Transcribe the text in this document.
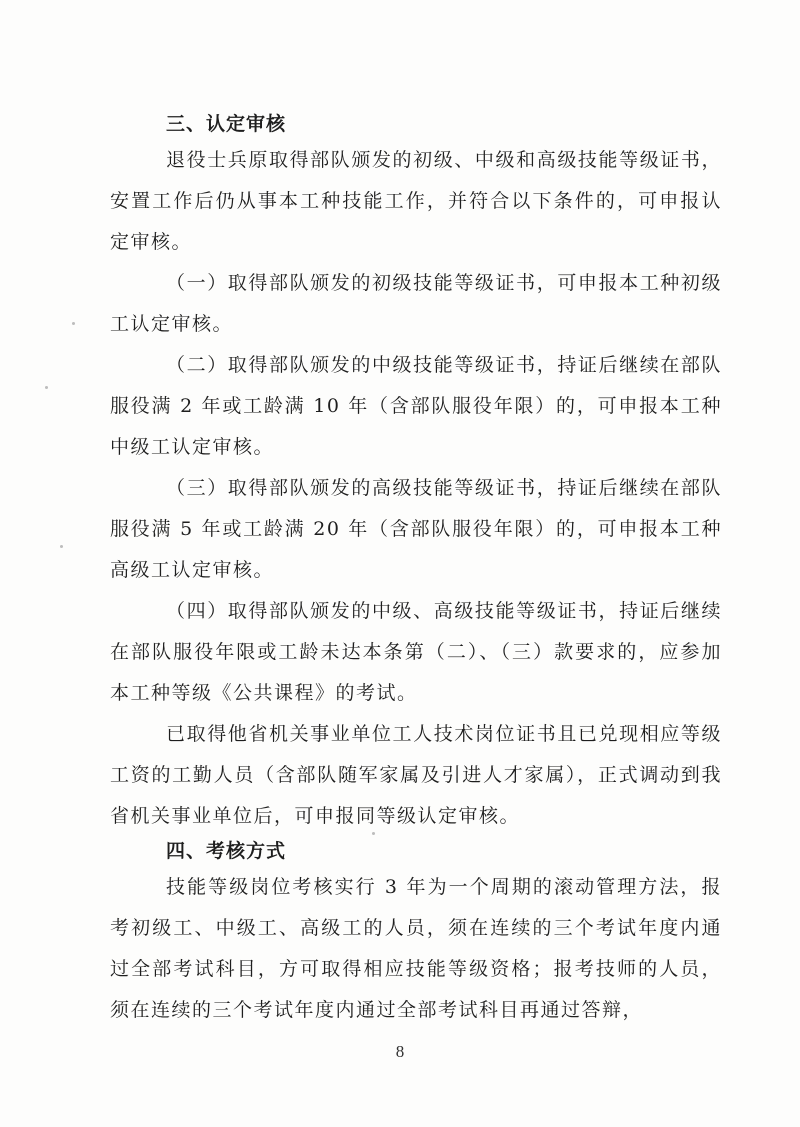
三、认定审核

退役士兵原取得部队颁发的初级、中级和高级技能等级证书，安置工作后仍从事本工种技能工作，并符合以下条件的，可申报认定审核。

（一）取得部队颁发的初级技能等级证书，可申报本工种初级工认定审核。

（二）取得部队颁发的中级技能等级证书，持证后继续在部队服役满 2 年或工龄满 10 年（含部队服役年限）的，可申报本工种中级工认定审核。

（三）取得部队颁发的高级技能等级证书，持证后继续在部队服役满 5 年或工龄满 20 年（含部队服役年限）的，可申报本工种高级工认定审核。

（四）取得部队颁发的中级、高级技能等级证书，持证后继续在部队服役年限或工龄未达本条第（二）、（三）款要求的，应参加本工种等级《公共课程》的考试。

已取得他省机关事业单位工人技术岗位证书且已兑现相应等级工资的工勤人员（含部队随军家属及引进人才家属），正式调动到我省机关事业单位后，可申报同等级认定审核。

四、考核方式

技能等级岗位考核实行 3 年为一个周期的滚动管理方法，报考初级工、中级工、高级工的人员，须在连续的三个考试年度内通过全部考试科目，方可取得相应技能等级资格；报考技师的人员，须在连续的三个考试年度内通过全部考试科目再通过答辩，

8
